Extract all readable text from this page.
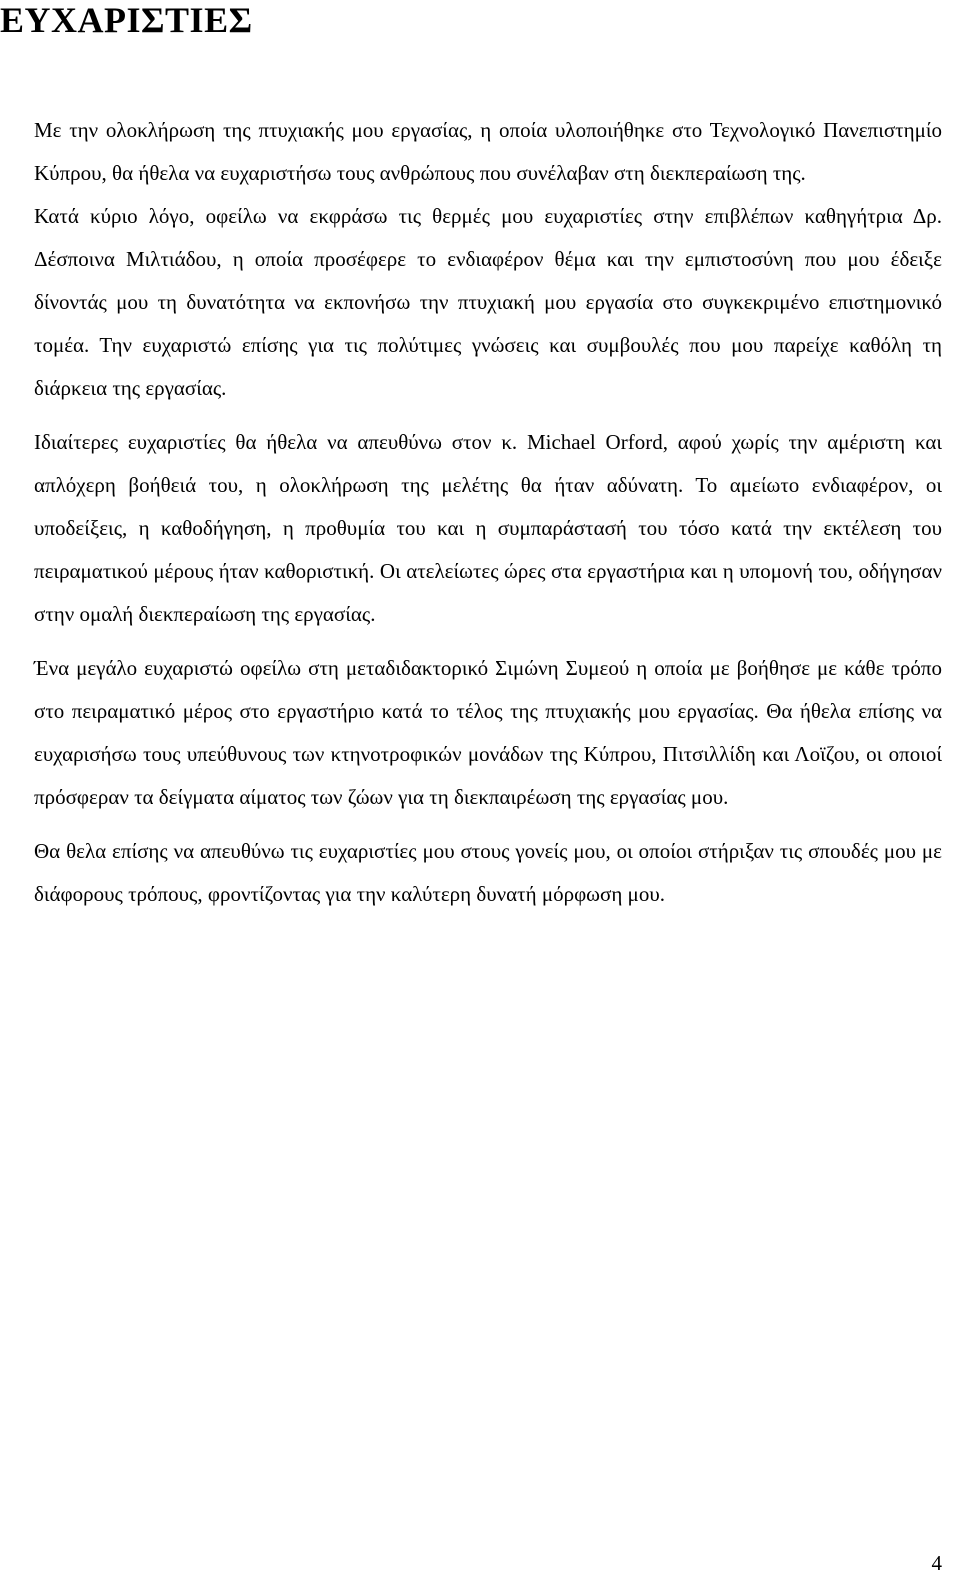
ΕΥΧΑΡΙΣΤΙΕΣ

Με την ολοκλήρωση της πτυχιακής μου εργασίας, η οποία υλοποιήθηκε στο Τεχνολογικό Πανεπιστημίο Κύπρου, θα ήθελα να ευχαριστήσω τους ανθρώπους που συνέλαβαν στη διεκπεραίωση της.

Κατά κύριο λόγο, οφείλω να εκφράσω τις θερμές μου ευχαριστίες στην επιβλέπων καθηγήτρια Δρ. Δέσποινα Μιλτιάδου, η οποία προσέφερε το ενδιαφέρον θέμα και την εμπιστοσύνη που μου έδειξε δίνοντάς μου τη δυνατότητα να εκπονήσω την πτυχιακή μου εργασία στο συγκεκριμένο επιστημονικό τομέα. Την ευχαριστώ επίσης για τις πολύτιμες γνώσεις και συμβουλές που μου παρείχε καθόλη τη διάρκεια της εργασίας.

Ιδιαίτερες ευχαριστίες θα ήθελα να απευθύνω στον κ. Michael Orford, αφού χωρίς την αμέριστη και απλόχερη βοήθειά του, η ολοκλήρωση της μελέτης θα ήταν αδύνατη. Το αμείωτο ενδιαφέρον, οι υποδείξεις, η καθοδήγηση, η προθυμία του και η συμπαράστασή του τόσο κατά την εκτέλεση του πειραματικού μέρους ήταν καθοριστική. Οι ατελείωτες ώρες στα εργαστήρια και η υπομονή του, οδήγησαν στην ομαλή διεκπεραίωση της εργασίας.

Ένα μεγάλο ευχαριστώ οφείλω στη μεταδιδακτορικό Σιμώνη Συμεού η οποία με βοήθησε με κάθε τρόπο στο πειραματικό μέρος στο εργαστήριο κατά το τέλος της πτυχιακής μου εργασίας. Θα ήθελα επίσης να ευχαρισήσω τους υπεύθυνους των κτηνοτροφικών μονάδων της Κύπρου, Πιτσιλλίδη και Λοϊζου, οι οποιοί πρόσφεραν τα δείγματα αίματος των ζώων για τη διεκπαιρέωση της εργασίας μου.

Θα θελα επίσης να απευθύνω τις ευχαριστίες μου στους γονείς μου, οι οποίοι στήριξαν τις σπουδές μου με διάφορους τρόπους, φροντίζοντας για την καλύτερη δυνατή μόρφωση μου.

4
